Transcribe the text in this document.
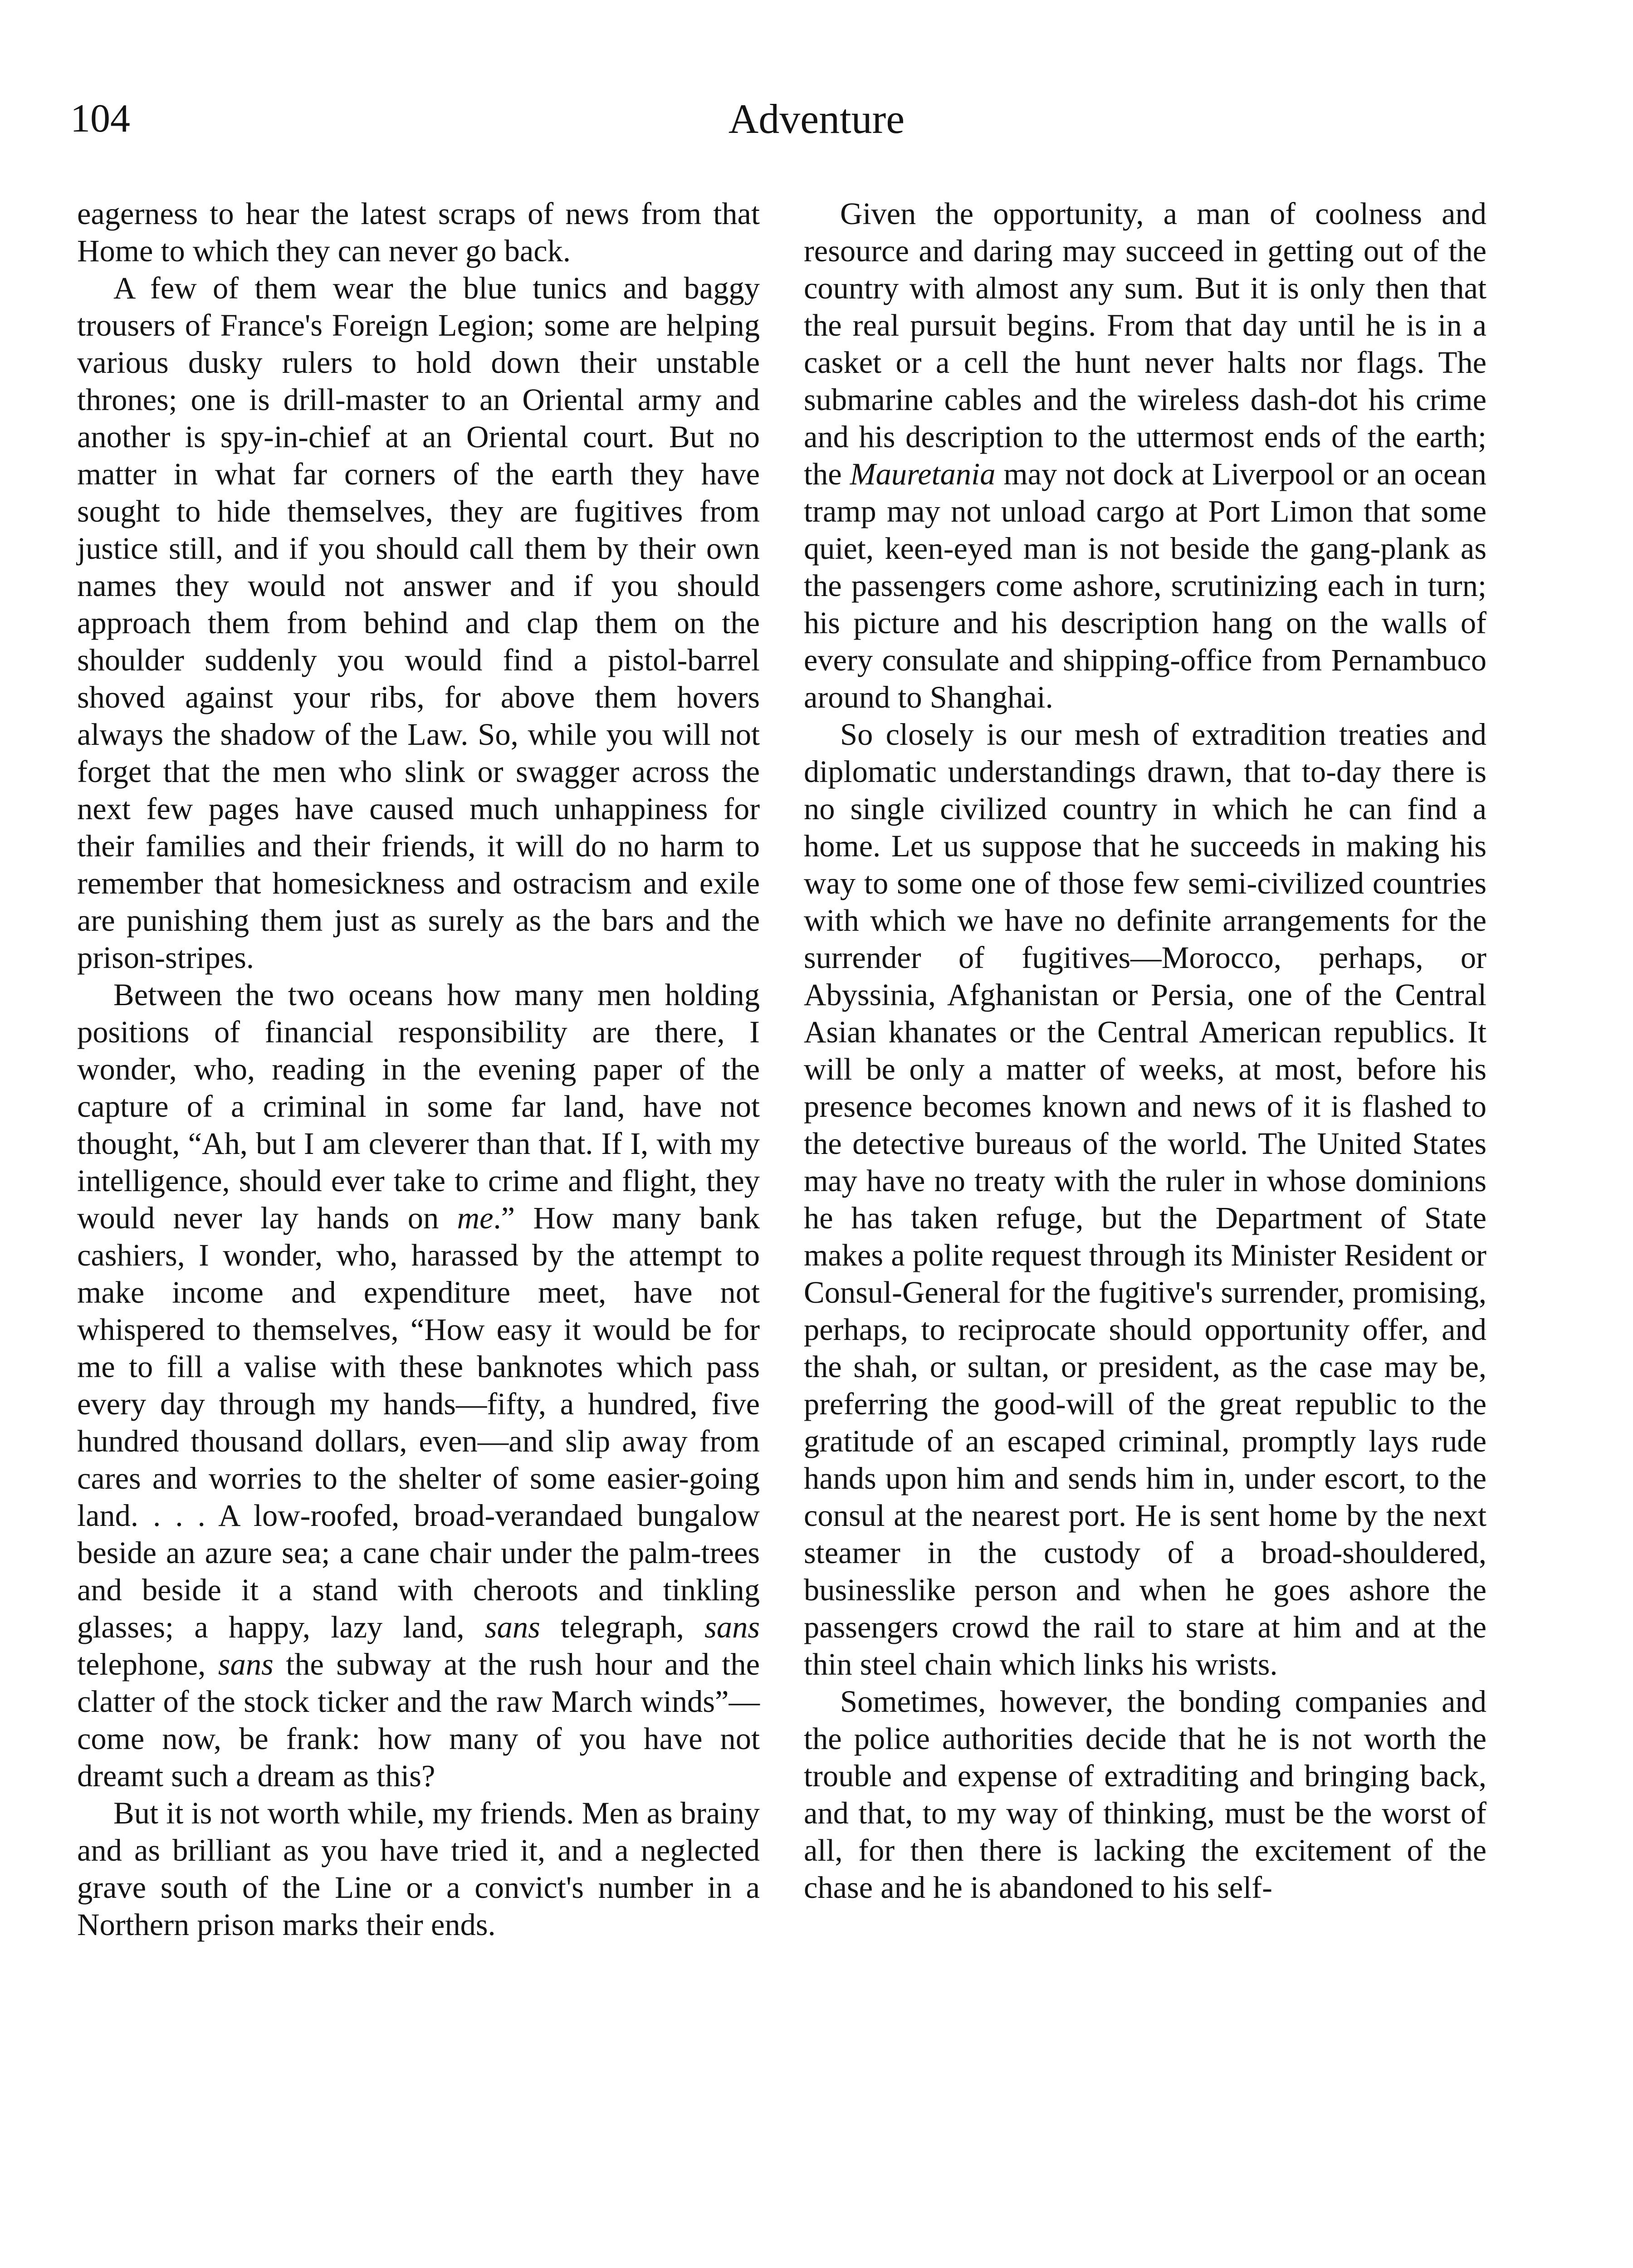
104	Adventure

eagerness to hear the latest scraps of news from that Home to which they can never go back.

A few of them wear the blue tunics and baggy trousers of France's Foreign Legion; some are helping various dusky rulers to hold down their unstable thrones; one is drill-master to an Oriental army and another is spy-in-chief at an Oriental court. But no matter in what far corners of the earth they have sought to hide themselves, they are fugitives from justice still, and if you should call them by their own names they would not answer and if you should approach them from behind and clap them on the shoulder suddenly you would find a pistol-barrel shoved against your ribs, for above them hovers always the shadow of the Law. So, while you will not forget that the men who slink or swagger across the next few pages have caused much unhappiness for their families and their friends, it will do no harm to remember that homesickness and ostracism and exile are punishing them just as surely as the bars and the prison-stripes.

Between the two oceans how many men holding positions of financial responsibility are there, I wonder, who, reading in the evening paper of the capture of a criminal in some far land, have not thought, “Ah, but I am cleverer than that. If I, with my intelligence, should ever take to crime and flight, they would never lay hands on me.” How many bank cashiers, I wonder, who, harassed by the attempt to make income and expenditure meet, have not whispered to themselves, “How easy it would be for me to fill a valise with these banknotes which pass every day through my hands—fifty, a hundred, five hundred thousand dollars, even—and slip away from cares and worries to the shelter of some easier-going land. . . . A low-roofed, broad-verandaed bungalow beside an azure sea; a cane chair under the palm-trees and beside it a stand with cheroots and tinkling glasses; a happy, lazy land, sans telegraph, sans telephone, sans the subway at the rush hour and the clatter of the stock ticker and the raw March winds”—come now, be frank: how many of you have not dreamt such a dream as this?

But it is not worth while, my friends. Men as brainy and as brilliant as you have tried it, and a neglected grave south of the Line or a convict's number in a Northern prison marks their ends.

Given the opportunity, a man of coolness and resource and daring may succeed in getting out of the country with almost any sum. But it is only then that the real pursuit begins. From that day until he is in a casket or a cell the hunt never halts nor flags. The submarine cables and the wireless dash-dot his crime and his description to the uttermost ends of the earth; the Mauretania may not dock at Liverpool or an ocean tramp may not unload cargo at Port Limon that some quiet, keen-eyed man is not beside the gang-plank as the passengers come ashore, scrutinizing each in turn; his picture and his description hang on the walls of every consulate and shipping-office from Pernambuco around to Shanghai.

So closely is our mesh of extradition treaties and diplomatic understandings drawn, that to-day there is no single civilized country in which he can find a home. Let us suppose that he succeeds in making his way to some one of those few semi-civilized countries with which we have no definite arrangements for the surrender of fugitives—Morocco, perhaps, or Abyssinia, Afghanistan or Persia, one of the Central Asian khanates or the Central American republics. It will be only a matter of weeks, at most, before his presence becomes known and news of it is flashed to the detective bureaus of the world. The United States may have no treaty with the ruler in whose dominions he has taken refuge, but the Department of State makes a polite request through its Minister Resident or Consul-General for the fugitive's surrender, promising, perhaps, to reciprocate should opportunity offer, and the shah, or sultan, or president, as the case may be, preferring the good-will of the great republic to the gratitude of an escaped criminal, promptly lays rude hands upon him and sends him in, under escort, to the consul at the nearest port. He is sent home by the next steamer in the custody of a broad-shouldered, businesslike person and when he goes ashore the passengers crowd the rail to stare at him and at the thin steel chain which links his wrists.

Sometimes, however, the bonding companies and the police authorities decide that he is not worth the trouble and expense of extraditing and bringing back, and that, to my way of thinking, must be the worst of all, for then there is lacking the excitement of the chase and he is abandoned to his self-
